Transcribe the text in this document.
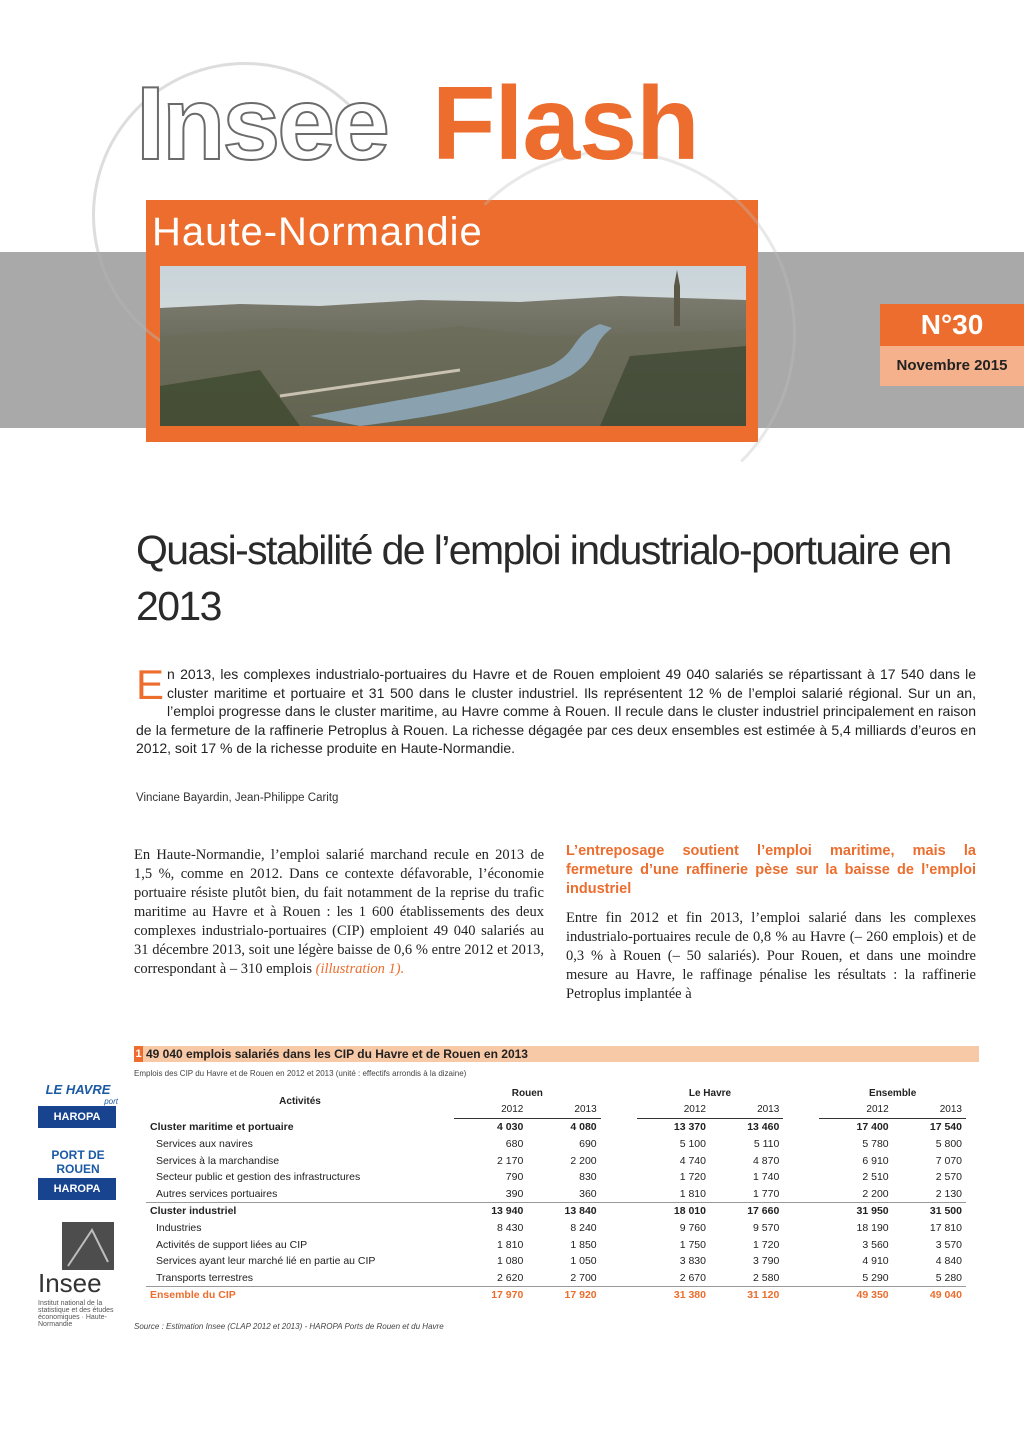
Insee Flash
Haute-Normandie
N°30
Novembre 2015
Quasi-stabilité de l’emploi industrialo-portuaire en 2013
E n 2013, les complexes industrialo-portuaires du Havre et de Rouen emploient 49 040 salariés se répartissant à 17 540 dans le cluster maritime et portuaire et 31 500 dans le cluster industriel. Ils représentent 12 % de l’emploi salarié régional. Sur un an, l’emploi progresse dans le cluster maritime, au Havre comme à Rouen. Il recule dans le cluster industriel principalement en raison de la fermeture de la raffinerie Petroplus à Rouen. La richesse dégagée par ces deux ensembles est estimée à 5,4 milliards d’euros en 2012, soit 17 % de la richesse produite en Haute-Normandie.
Vinciane Bayardin, Jean-Philippe Caritg
En Haute-Normandie, l’emploi salarié marchand recule en 2013 de 1,5 %, comme en 2012. Dans ce contexte défavorable, l’économie portuaire résiste plutôt bien, du fait notamment de la reprise du trafic maritime au Havre et à Rouen : les 1 600 établissements des deux complexes industrialo-portuaires (CIP) emploient 49 040 salariés au 31 décembre 2013, soit une légère baisse de 0,6 % entre 2012 et 2013, correspondant à – 310 emplois (illustration 1).
L’entreposage soutient l’emploi maritime, mais la fermeture d’une raffinerie pèse sur la baisse de l’emploi industriel
Entre fin 2012 et fin 2013, l’emploi salarié dans les complexes industrialo-portuaires recule de 0,8 % au Havre (– 260 emplois) et de 0,3 % à Rouen (– 50 salariés). Pour Rouen, et dans une moindre mesure au Havre, le raffinage pénalise les résultats : la raffinerie Petroplus implantée à
1 49 040 emplois salariés dans les CIP du Havre et de Rouen en 2013
Emplois des CIP du Havre et de Rouen en 2012 et 2013 (unité : effectifs arrondis à la dizaine)
Activités	Rouen			Le Havre			Ensemble	
	2012	2013		2012	2013		2012	2013
Cluster maritime et portuaire	4 030	4 080		13 370	13 460		17 400	17 540
Services aux navires	680	690		5 100	5 110		5 780	5 800
Services à la marchandise	2 170	2 200		4 740	4 870		6 910	7 070
Secteur public et gestion des infrastructures	790	830		1 720	1 740		2 510	2 570
Autres services portuaires	390	360		1 810	1 770		2 200	2 130
Cluster industriel	13 940	13 840		18 010	17 660		31 950	31 500
Industries	8 430	8 240		9 760	9 570		18 190	17 810
Activités de support liées au CIP	1 810	1 850		1 750	1 720		3 560	3 570
Services ayant leur marché lié en partie au CIP	1 080	1 050		3 830	3 790		4 910	4 840
Transports terrestres	2 620	2 700		2 670	2 580		5 290	5 280
Ensemble du CIP	17 970	17 920		31 380	31 120		49 350	49 040
Source : Estimation Insee (CLAP 2012 et 2013) - HAROPA Ports de Rouen et du Havre
LE HAVRE
port
HAROPA
PORT DE ROUEN
HAROPA
Insee
Institut national de la statistique et des études économiques · Haute-Normandie
